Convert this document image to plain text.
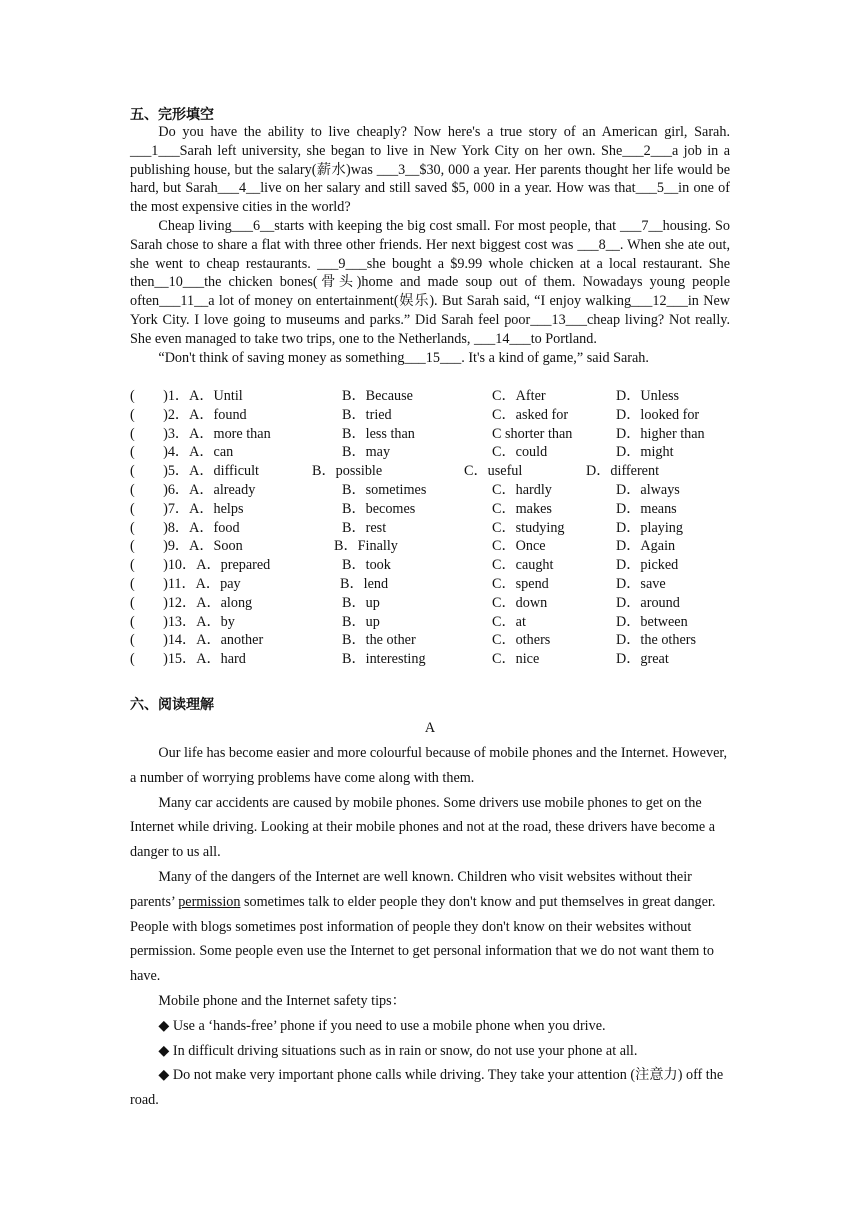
五、完形填空

Do you have the ability to live cheaply? Now here's a true story of an American girl, Sarah. ___1___Sarah left university, she began to live in New York City on her own. She___2___a job in a publishing house, but the salary(薪水)was ___3__$30, 000 a year. Her parents thought her life would be hard, but Sarah___4__live on her salary and still saved $5, 000 in a year. How was that___5__in one of the most expensive cities in the world?

Cheap living___6__starts with keeping the big cost small. For most people, that ___7__housing. So Sarah chose to share a flat with three other friends. Her next biggest cost was ___8__. When she ate out, she went to cheap restaurants. ___9___she bought a $9.99 whole chicken at a local restaurant. She then__10___the chicken bones(骨头)home and made soup out of them. Nowadays young people often___11__a lot of money on entertainment(娱乐). But Sarah said, “I enjoy walking___12___in New York City. I love going to museums and parks.” Did Sarah feel poor___13___cheap living? Not really. She even managed to take two trips, one to the Netherlands, ___14___to Portland.

“Don't think of saving money as something___15___. It's a kind of game,” said Sarah.

(　　)1．A．Until	B．Because	C．After	D．Unless
(　　)2．A．found	B．tried	C．asked for	D．looked for
(　　)3．A．more than	B．less than	C shorter than	D．higher than
(　　)4．A．can	B．may	C．could	D．might
(　　)5．A．difficult	B．possible	C．useful	D．different
(　　)6．A．already	B．sometimes	C．hardly	D．always
(　　)7．A．helps	B．becomes	C．makes	D．means
(　　)8．A．food	B．rest	C．studying	D．playing
(　　)9．A．Soon	B．Finally	C．Once	D．Again
(　　)10．A．prepared	B．took	C．caught	D．picked
(　　)11．A．pay	B．lend	C．spend	D．save
(　　)12．A．along	B．up	C．down	D．around
(　　)13．A．by	B．up	C．at	D．between
(　　)14．A．another	B．the other	C．others	D．the others
(　　)15．A．hard	B．interesting	C．nice	D．great
六、阅读理解
A

Our life has become easier and more colourful because of mobile phones and the Internet. However, a number of worrying problems have come along with them.

Many car accidents are caused by mobile phones. Some drivers use mobile phones to get on the Internet while driving. Looking at their mobile phones and not at the road, these drivers have become a danger to us all.

Many of the dangers of the Internet are well known. Children who visit websites without their parents’ permission sometimes talk to elder people they don't know and put themselves in great danger. People with blogs sometimes post information of people they don't know on their websites without permission. Some people even use the Internet to get personal information that we do not want them to have.

Mobile phone and the Internet safety tips：

◆ Use a ‘hands-free’ phone if you need to use a mobile phone when you drive.

◆ In difficult driving situations such as in rain or snow, do not use your phone at all.

◆ Do not make very important phone calls while driving. They take your attention (注意力) off the road.
